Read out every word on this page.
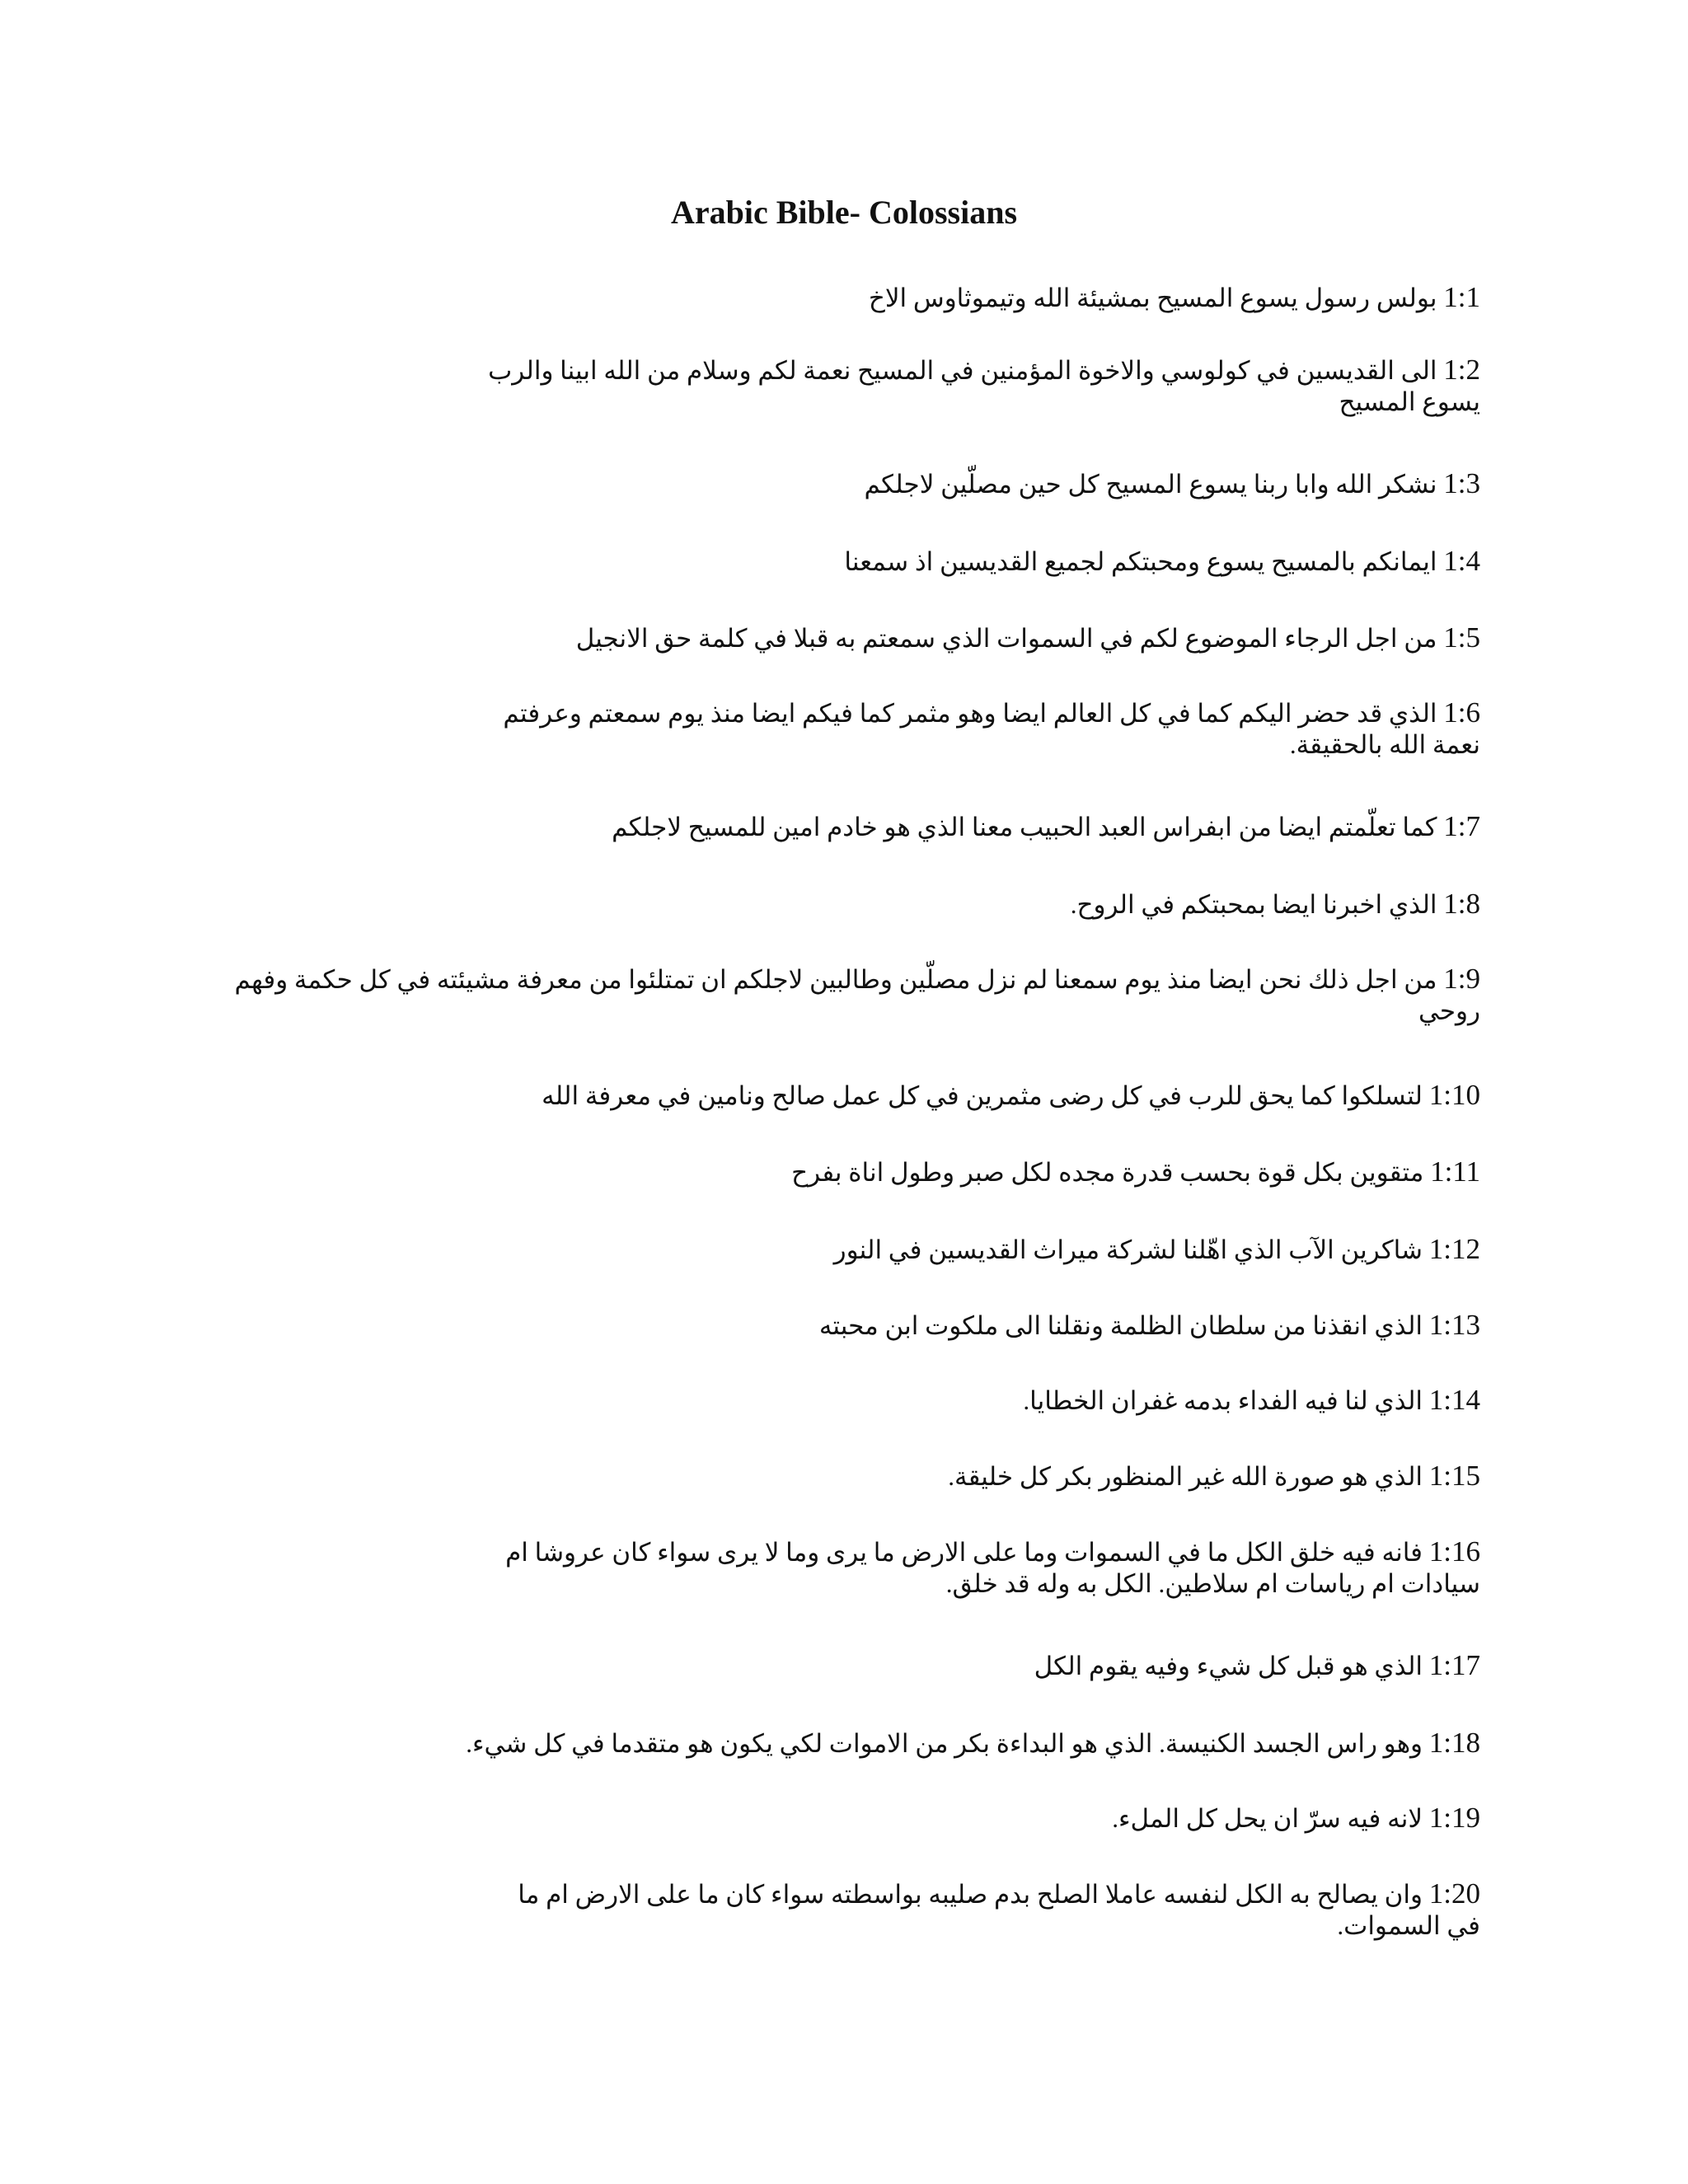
Arabic Bible- Colossians

1:1 بولس رسول يسوع المسيح بمشيئة الله وتيموثاوس الاخ

1:2 الى القديسين في كولوسي والاخوة المؤمنين في المسيح نعمة لكم وسلام من الله ابينا والرب
يسوع المسيح

1:3 نشكر الله وابا ربنا يسوع المسيح كل حين مصلّين لاجلكم

1:4 ايمانكم بالمسيح يسوع ومحبتكم لجميع القديسين اذ سمعنا

1:5 من اجل الرجاء الموضوع لكم في السموات الذي سمعتم به قبلا في كلمة حق الانجيل

1:6 الذي قد حضر اليكم كما في كل العالم ايضا وهو مثمر كما فيكم ايضا منذ يوم سمعتم وعرفتم
نعمة الله بالحقيقة.

1:7 كما تعلّمتم ايضا من ابفراس العبد الحبيب معنا الذي هو خادم امين للمسيح لاجلكم

1:8 الذي اخبرنا ايضا بمحبتكم في الروح.

1:9 من اجل ذلك نحن ايضا منذ يوم سمعنا لم نزل مصلّين وطالبين لاجلكم ان تمتلئوا من معرفة مشيئته في كل حكمة وفهم
روحي

1:10 لتسلكوا كما يحق للرب في كل رضى مثمرين في كل عمل صالح ونامين في معرفة الله

1:11 متقوين بكل قوة بحسب قدرة مجده لكل صبر وطول اناة بفرح

1:12 شاكرين الآب الذي اهّلنا لشركة ميراث القديسين في النور

1:13 الذي انقذنا من سلطان الظلمة ونقلنا الى ملكوت ابن محبته

1:14 الذي لنا فيه الفداء بدمه غفران الخطايا.

1:15 الذي هو صورة الله غير المنظور بكر كل خليقة.

1:16 فانه فيه خلق الكل ما في السموات وما على الارض ما يرى وما لا يرى سواء كان عروشا ام
سيادات ام رياسات ام سلاطين. الكل به وله قد خلق.

1:17 الذي هو قبل كل شيء وفيه يقوم الكل

1:18 وهو راس الجسد الكنيسة. الذي هو البداءة بكر من الاموات لكي يكون هو متقدما في كل شيء.

1:19 لانه فيه سرّ ان يحل كل الملء.

1:20 وان يصالح به الكل لنفسه عاملا الصلح بدم صليبه بواسطته سواء كان ما على الارض ام ما
في السموات.
